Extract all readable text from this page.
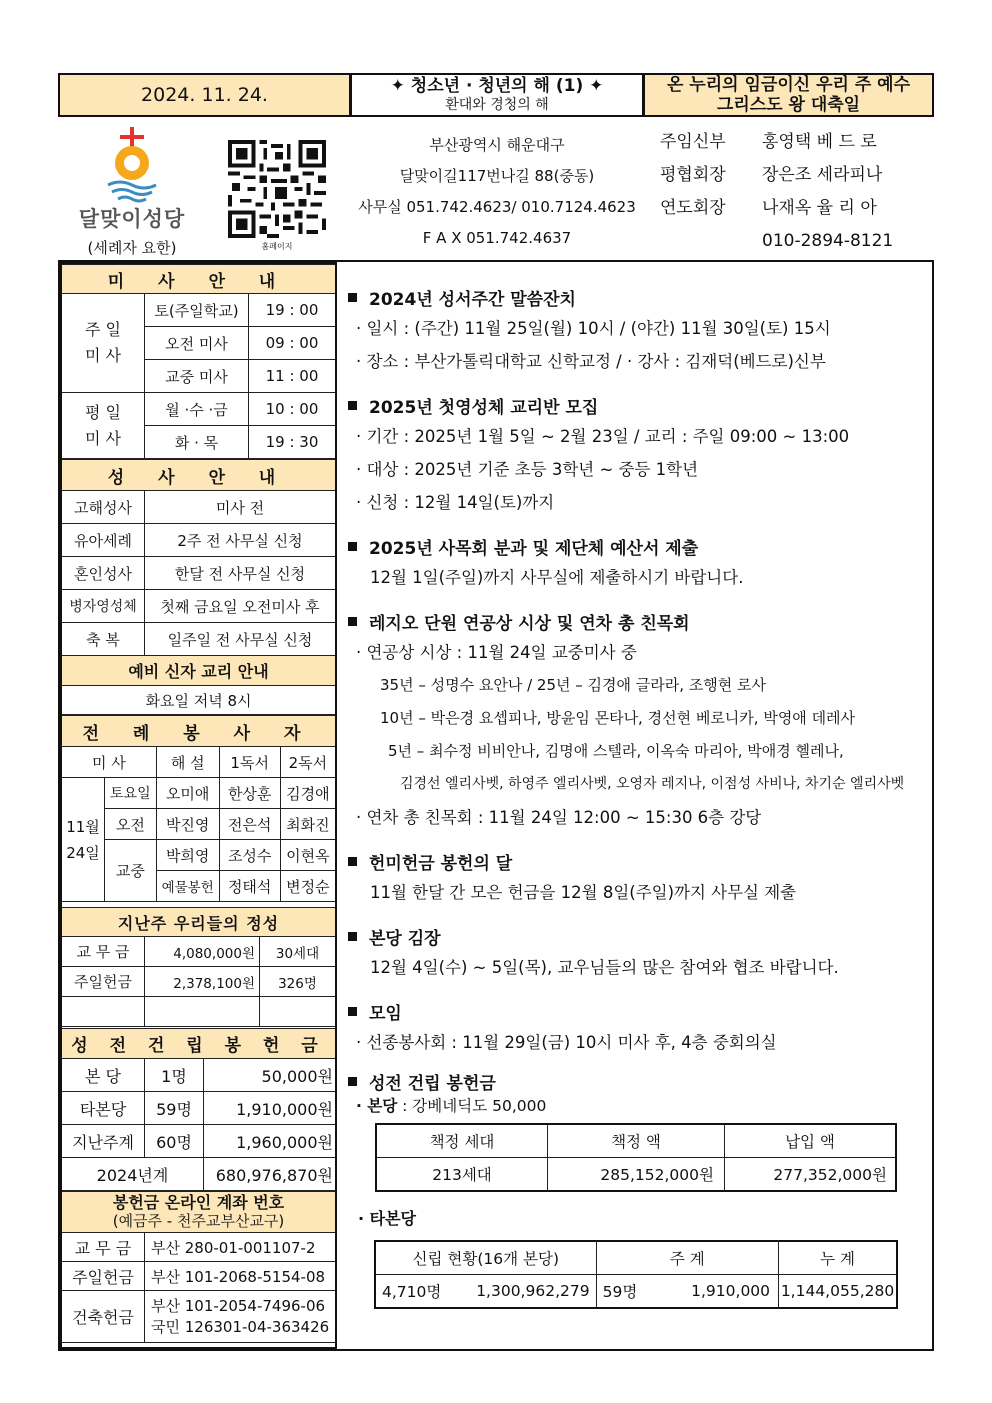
2024. 11. 24.	✦ 청소년 · 청년의 해 (1) ✦
환대와 경청의 해
온 누리의 임금이신 우리 주 예수
그리스도 왕 대축일
달맞이성당
(세례자 요한)	홈페이지
부산광역시 해운대구
달맞이길117번나길 88(중동)
사무실 051.742.4623/ 010.7124.4623
F A X 051.742.4637
주임신부	홍영택 베 드 로
평협회장	장은조 세라피나
연도회장	나재옥 율 리 아
010-2894-8121
미 사 안 내		
주 일
미 사	토(주일학교)	19 : 00
	오전 미사	09 : 00
	교중 미사	11 : 00
평 일
미 사	월 ·수 ·금	10 : 00
	화 · 목	19 : 30
성 사 안 내	
고해성사	미사 전
유아세례	2주 전 사무실 신청
혼인성사	한달 전 사무실 신청
병자영성체	첫째 금요일 오전미사 후
축 복	일주일 전 사무실 신청
예비 신자 교리 안내	
화요일 저녁 8시	
전 례 봉 사 자				
미 사		해 설	1독서	2독서
11월
24일	토요일	오미애	한상훈	김경애
	오전	박진영	전은석	최화진
	교중	박희영	조성수	이현옥
		예물봉헌	정태석	변정순
지난주 우리들의 정성		
교 무 금	4,080,000원	30세대
주일헌금	2,378,100원	326명

성 전 건 립 봉 헌 금		
본 당	1명	50,000원
타본당	59명	1,910,000원
지난주계	60명	1,960,000원
2024년계		680,976,870원
봉헌금 온라인 계좌 번호
(예금주 - 천주교부산교구)	

교 무 금	부산 280-01-001107-2
주일헌금	부산 101-2068-5154-08
건축헌금	부산 101-2054-7496-06
국민 126301-04-363426
2024년 성서주간 말씀잔치
· 일시 : (주간) 11월 25일(월) 10시 / (야간) 11월 30일(토) 15시
· 장소 : 부산가톨릭대학교 신학교정 / · 강사 : 김재덕(베드로)신부
2025년 첫영성체 교리반 모집
· 기간 : 2025년 1월 5일 ~ 2월 23일 / 교리 : 주일 09:00 ~ 13:00
· 대상 : 2025년 기준 초등 3학년 ~ 중등 1학년
· 신청 : 12월 14일(토)까지
2025년 사목회 분과 및 제단체 예산서 제출
12월 1일(주일)까지 사무실에 제출하시기 바랍니다.
레지오 단원 연공상 시상 및 연차 총 친목회
· 연공상 시상 : 11월 24일 교중미사 중
35년 – 성명수 요안나 / 25년 – 김경애 글라라, 조행현 로사
10년 – 박은경 요셉피나, 방윤임 몬타나, 경선현 베로니카, 박영애 데레사
5년 – 최수정 비비안나, 김명애 스텔라, 이옥숙 마리아, 박애경 헬레나,
김경선 엘리사벳, 하영주 엘리사벳, 오영자 레지나, 이점성 사비나, 차기순 엘리사벳
· 연차 총 친목회 : 11월 24일 12:00 ~ 15:30 6층 강당
헌미헌금 봉헌의 달
11월 한달 간 모은 헌금을 12월 8일(주일)까지 사무실 제출
본당 김장
12월 4일(수) ~ 5일(목), 교우님들의 많은 참여와 협조 바랍니다.
모임
· 선종봉사회 : 11월 29일(금) 10시 미사 후, 4층 중회의실
성전 건립 봉헌금
· 본당 : 강베네딕도 50,000
책정 세대	책정 액	납입 액
213세대	285,152,000원	277,352,000원
· 타본당
신립 현황(16개 본당)		주 계		누 계
4,710명	1,300,962,279	59명	1,910,000	1,144,055,280
